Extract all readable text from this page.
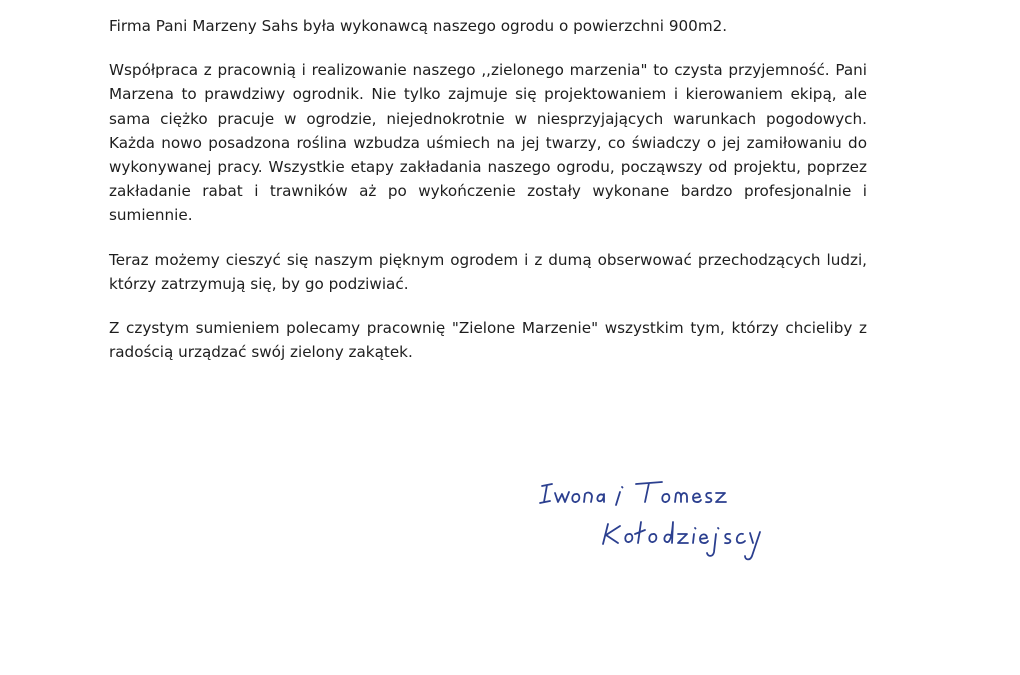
Firma Pani Marzeny Sahs była wykonawcą naszego ogrodu o powierzchni 900m2.

Współpraca z pracownią i realizowanie naszego ,,zielonego marzenia" to czysta przyjemność. Pani Marzena to prawdziwy ogrodnik. Nie tylko zajmuje się projektowaniem i kierowaniem ekipą, ale sama ciężko pracuje w ogrodzie, niejednokrotnie w niesprzyjających warunkach pogodowych. Każda nowo posadzona roślina wzbudza uśmiech na jej twarzy, co świadczy o jej zamiłowaniu do wykonywanej pracy. Wszystkie etapy zakładania naszego ogrodu, począwszy od projektu, poprzez zakładanie rabat i trawników aż po wykończenie zostały wykonane bardzo profesjonalnie i sumiennie.

Teraz możemy cieszyć się naszym pięknym ogrodem i z dumą obserwować przechodzących ludzi, którzy zatrzymują się, by go podziwiać.

Z czystym sumieniem polecamy pracownię "Zielone Marzenie" wszystkim tym, którzy chcieliby z radością urządzać swój zielony zakątek.
